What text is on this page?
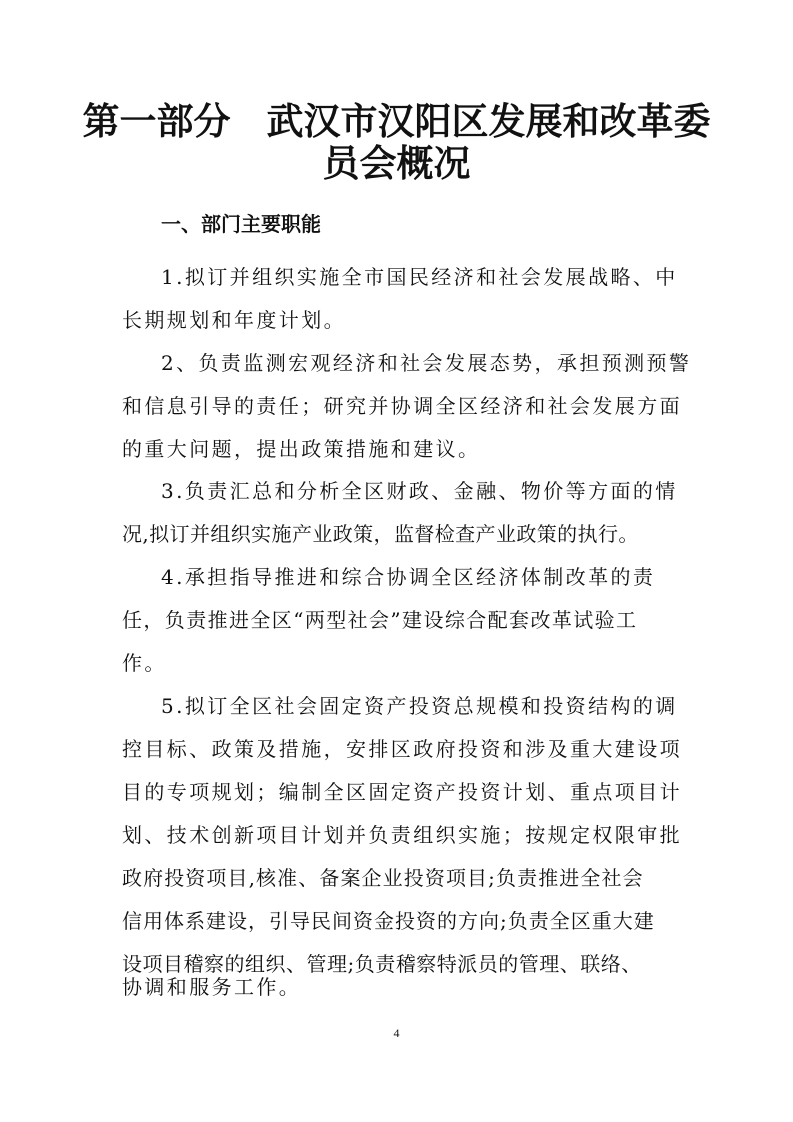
第一部分 武汉市汉阳区发展和改革委
员会概况
一、部门主要职能
1.拟订并组织实施全市国民经济和社会发展战略、中
长期规划和年度计划。
2、负责监测宏观经济和社会发展态势，承担预测预警
和信息引导的责任；研究并协调全区经济和社会发展方面
的重大问题，提出政策措施和建议。
3.负责汇总和分析全区财政、金融、物价等方面的情
况,拟订并组织实施产业政策，监督检查产业政策的执行。
4.承担指导推进和综合协调全区经济体制改革的责
任，负责推进全区“两型社会”建设综合配套改革试验工
作。
5.拟订全区社会固定资产投资总规模和投资结构的调
控目标、政策及措施，安排区政府投资和涉及重大建设项
目的专项规划；编制全区固定资产投资计划、重点项目计
划、技术创新项目计划并负责组织实施；按规定权限审批
政府投资项目,核准、备案企业投资项目;负责推进全社会
信用体系建设，引导民间资金投资的方向;负责全区重大建
设项目稽察的组织、管理;负责稽察特派员的管理、联络、
协调和服务工作。
4
